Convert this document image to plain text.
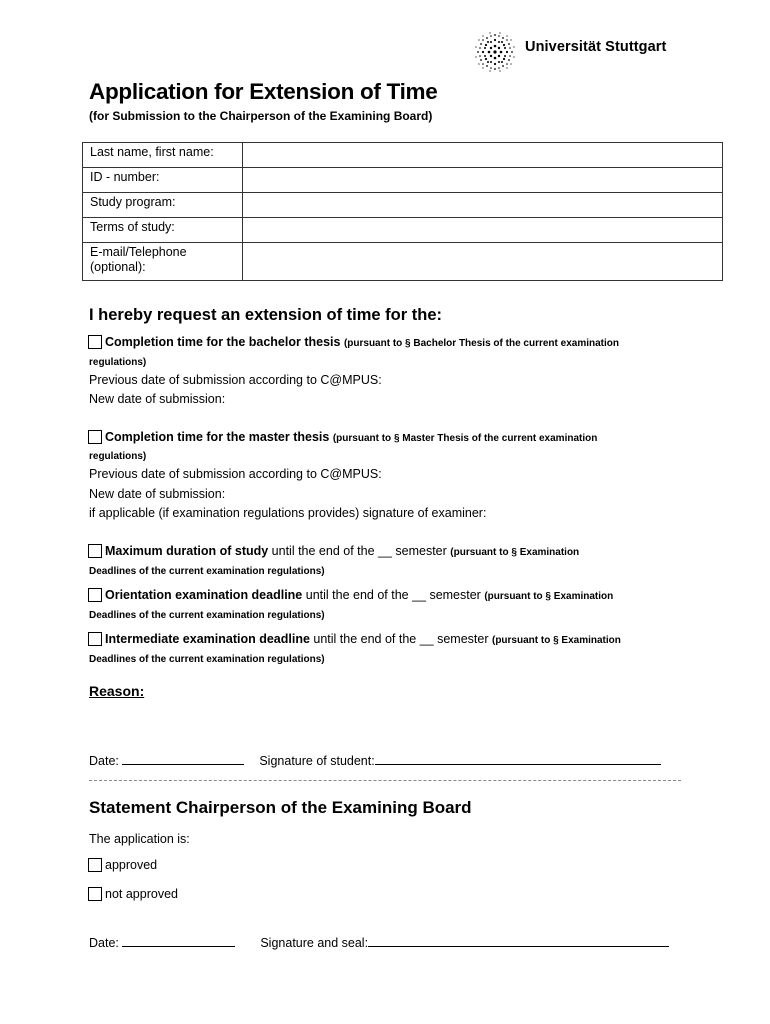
Universität Stuttgart
Application for Extension of Time
(for Submission to the Chairperson of the Examining Board)
Last name, first name:	
ID - number:	
Study program:	
Terms of study:	
E-mail/Telephone (optional):	
I hereby request an extension of time for the:
Completion time for the bachelor thesis (pursuant to § Bachelor Thesis of the current examination
regulations)
Previous date of submission according to C@MPUS:
New date of submission:
Completion time for the master thesis (pursuant to § Master Thesis of the current examination
regulations)
Previous date of submission according to C@MPUS:
New date of submission:
if applicable (if examination regulations provides) signature of examiner:
Maximum duration of study until the end of the __ semester (pursuant to § Examination
Deadlines of the current examination regulations)
Orientation examination deadline until the end of the __ semester (pursuant to § Examination
Deadlines of the current examination regulations)
Intermediate examination deadline until the end of the __ semester (pursuant to § Examination
Deadlines of the current examination regulations)
Reason:
Date:	Signature of student:
Statement Chairperson of the Examining Board
The application is:
approved
not approved
Date:	Signature and seal:
